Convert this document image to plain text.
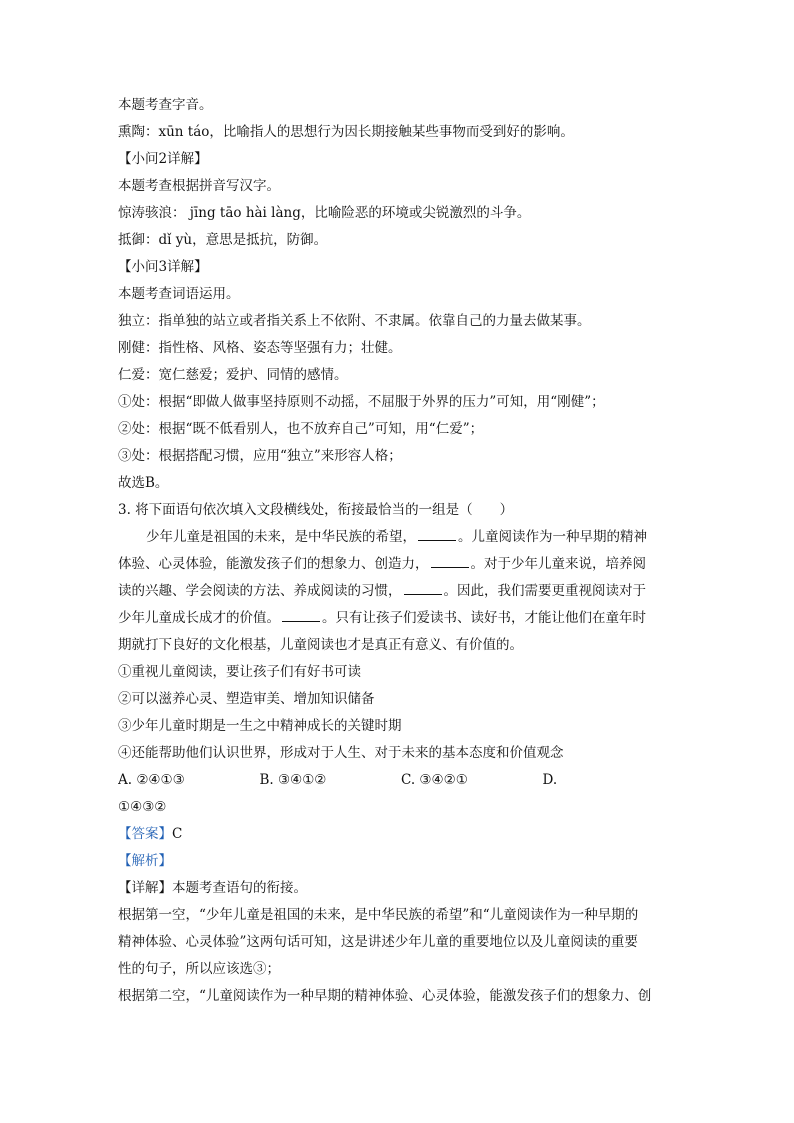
本题考查字音。
熏陶：xūn táo，比喻指人的思想行为因长期接触某些事物而受到好的影响。
【小问2详解】
本题考查根据拼音写汉字。
惊涛骇浪： jīng tāo hài làng，比喻险恶的环境或尖锐激烈的斗争。
抵御：dǐ yù，意思是抵抗，防御。
【小问3详解】
本题考查词语运用。
独立：指单独的站立或者指关系上不依附、不隶属。依靠自己的力量去做某事。
刚健：指性格、风格、姿态等坚强有力；壮健。
仁爱：宽仁慈爱；爱护、同情的感情。
①处：根据“即做人做事坚持原则不动摇，不屈服于外界的压力”可知，用“刚健”；
②处：根据“既不低看别人，也不放弃自己”可知，用“仁爱”；
③处：根据搭配习惯，应用“独立”来形容人格；
故选B。
3. 将下面语句依次填入文段横线处，衔接最恰当的一组是（　　）
少年儿童是祖国的未来，是中华民族的希望，	。儿童阅读作为一种早期的精神
体验、心灵体验，能激发孩子们的想象力、创造力，	。对于少年儿童来说，培养阅
读的兴趣、学会阅读的方法、养成阅读的习惯，	。因此，我们需要更重视阅读对于
少年儿童成长成才的价值。	。只有让孩子们爱读书、读好书，才能让他们在童年时
期就打下良好的文化根基，儿童阅读也才是真正有意义、有价值的。
①重视儿童阅读，要让孩子们有好书可读
②可以滋养心灵、塑造审美、增加知识储备
③少年儿童时期是一生之中精神成长的关键时期
④还能帮助他们认识世界，形成对于人生、对于未来的基本态度和价值观念
A. ②④①③	B. ③④①②	C. ③④②①	D.
①④③②
【答案】C
【解析】
【详解】本题考查语句的衔接。
根据第一空，“少年儿童是祖国的未来，是中华民族的希望”和“儿童阅读作为一种早期的
精神体验、心灵体验”这两句话可知，这是讲述少年儿童的重要地位以及儿童阅读的重要
性的句子，所以应该选③；
根据第二空，“儿童阅读作为一种早期的精神体验、心灵体验，能激发孩子们的想象力、创
